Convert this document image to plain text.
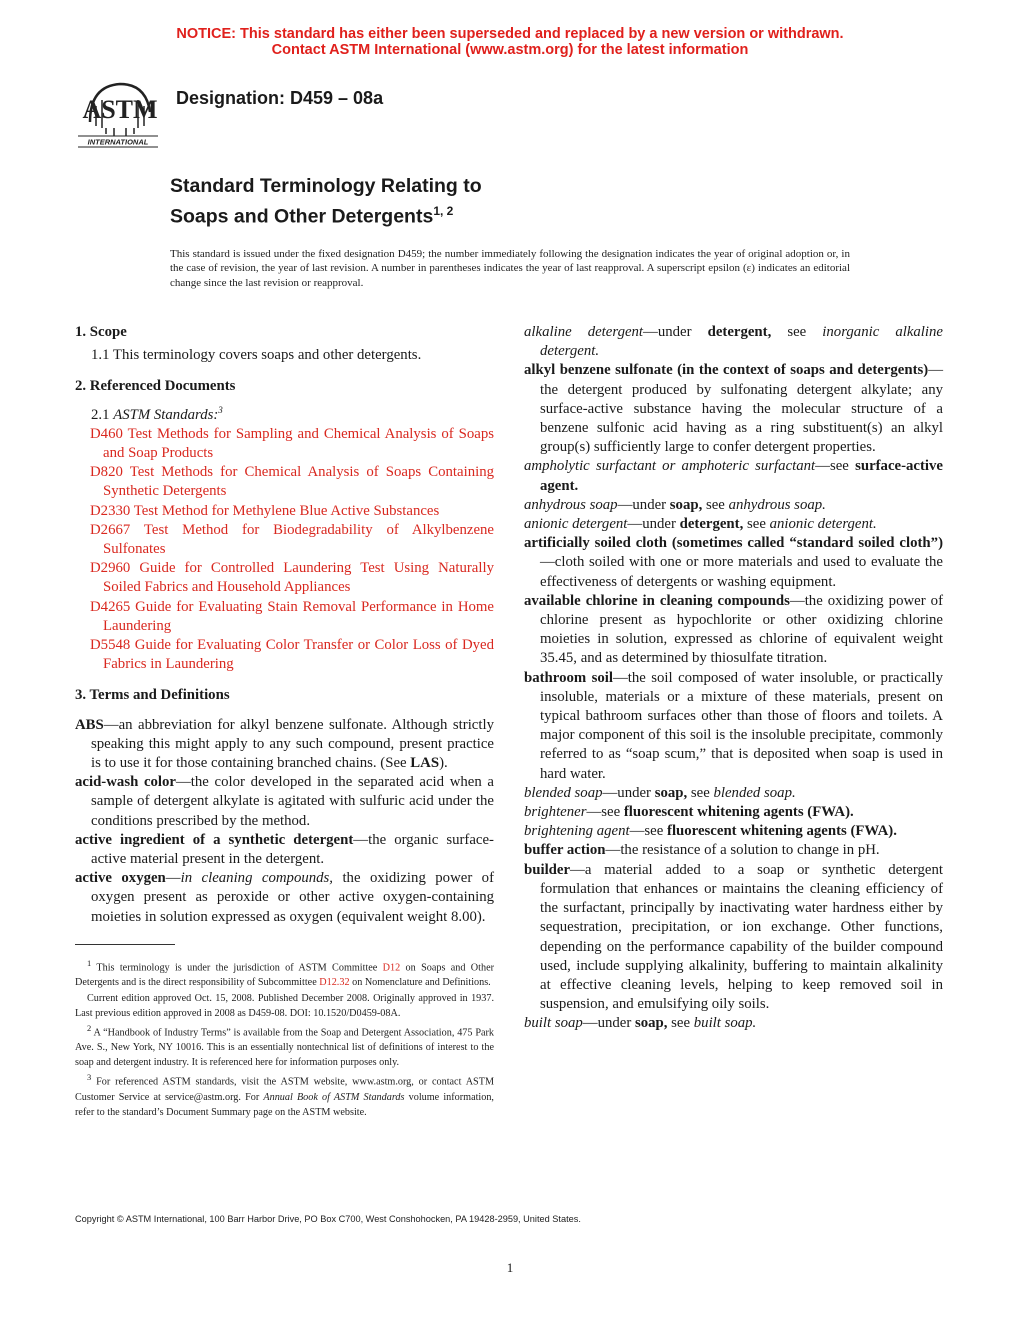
NOTICE: This standard has either been superseded and replaced by a new version or withdrawn.
Contact ASTM International (www.astm.org) for the latest information
ASTM
INTERNATIONAL
Designation: D459 – 08a
Standard Terminology Relating to
Soaps and Other Detergents$^{1, 2}$
This standard is issued under the fixed designation D459; the number immediately following the designation indicates the year of original adoption or, in the case of revision, the year of last revision. A number in parentheses indicates the year of last reapproval. A superscript epsilon (ε) indicates an editorial change since the last revision or reapproval.

1. Scope

1.1 This terminology covers soaps and other detergents.

2. Referenced Documents

2.1 ASTM Standards:$^3$

D460 Test Methods for Sampling and Chemical Analysis of Soaps and Soap Products

D820 Test Methods for Chemical Analysis of Soaps Containing Synthetic Detergents

D2330 Test Method for Methylene Blue Active Substances

D2667 Test Method for Biodegradability of Alkylbenzene Sulfonates

D2960 Guide for Controlled Laundering Test Using Naturally Soiled Fabrics and Household Appliances

D4265 Guide for Evaluating Stain Removal Performance in Home Laundering

D5548 Guide for Evaluating Color Transfer or Color Loss of Dyed Fabrics in Laundering

3. Terms and Definitions

ABS—an abbreviation for alkyl benzene sulfonate. Although strictly speaking this might apply to any such compound, present practice is to use it for those containing branched chains. (See LAS).

acid-wash color—the color developed in the separated acid when a sample of detergent alkylate is agitated with sulfuric acid under the conditions prescribed by the method.

active ingredient of a synthetic detergent—the organic surface-active material present in the detergent.

active oxygen—in cleaning compounds, the oxidizing power of oxygen present as peroxide or other active oxygen-containing moieties in solution expressed as oxygen (equivalent weight 8.00).

$^1$ This terminology is under the jurisdiction of ASTM Committee D12 on Soaps and Other Detergents and is the direct responsibility of Subcommittee D12.32 on Nomenclature and Definitions.

Current edition approved Oct. 15, 2008. Published December 2008. Originally approved in 1937. Last previous edition approved in 2008 as D459-08. DOI: 10.1520/D0459-08A.

$^2$ A “Handbook of Industry Terms” is available from the Soap and Detergent Association, 475 Park Ave. S., New York, NY 10016. This is an essentially nontechnical list of definitions of interest to the soap and detergent industry. It is referenced here for information purposes only.

$^3$ For referenced ASTM standards, visit the ASTM website, www.astm.org, or contact ASTM Customer Service at service@astm.org. For Annual Book of ASTM Standards volume information, refer to the standard’s Document Summary page on the ASTM website.

alkaline detergent—under detergent, see inorganic alkaline detergent.

alkyl benzene sulfonate (in the context of soaps and detergents)—the detergent produced by sulfonating detergent alkylate; any surface-active substance having the molecular structure of a benzene sulfonic acid having as a ring substituent(s) an alkyl group(s) sufficiently large to confer detergent properties.

ampholytic surfactant or amphoteric surfactant—see surface-active agent.

anhydrous soap—under soap, see anhydrous soap.

anionic detergent—under detergent, see anionic detergent.

artificially soiled cloth (sometimes called “standard soiled cloth”)—cloth soiled with one or more materials and used to evaluate the effectiveness of detergents or washing equipment.

available chlorine in cleaning compounds—the oxidizing power of chlorine present as hypochlorite or other oxidizing chlorine moieties in solution, expressed as chlorine of equivalent weight 35.45, and as determined by thiosulfate titration.

bathroom soil—the soil composed of water insoluble, or practically insoluble, materials or a mixture of these materials, present on typical bathroom surfaces other than those of floors and toilets. A major component of this soil is the insoluble precipitate, commonly referred to as “soap scum,” that is deposited when soap is used in hard water.

blended soap—under soap, see blended soap.

brightener—see fluorescent whitening agents (FWA).

brightening agent—see fluorescent whitening agents (FWA).

buffer action—the resistance of a solution to change in pH.

builder—a material added to a soap or synthetic detergent formulation that enhances or maintains the cleaning efficiency of the surfactant, principally by inactivating water hardness either by sequestration, precipitation, or ion exchange. Other functions, depending on the performance capability of the builder compound used, include supplying alkalinity, buffering to maintain alkalinity at effective cleaning levels, helping to keep removed soil in suspension, and emulsifying oily soils.

built soap—under soap, see built soap.

Copyright © ASTM International, 100 Barr Harbor Drive, PO Box C700, West Conshohocken, PA 19428-2959, United States.
1
